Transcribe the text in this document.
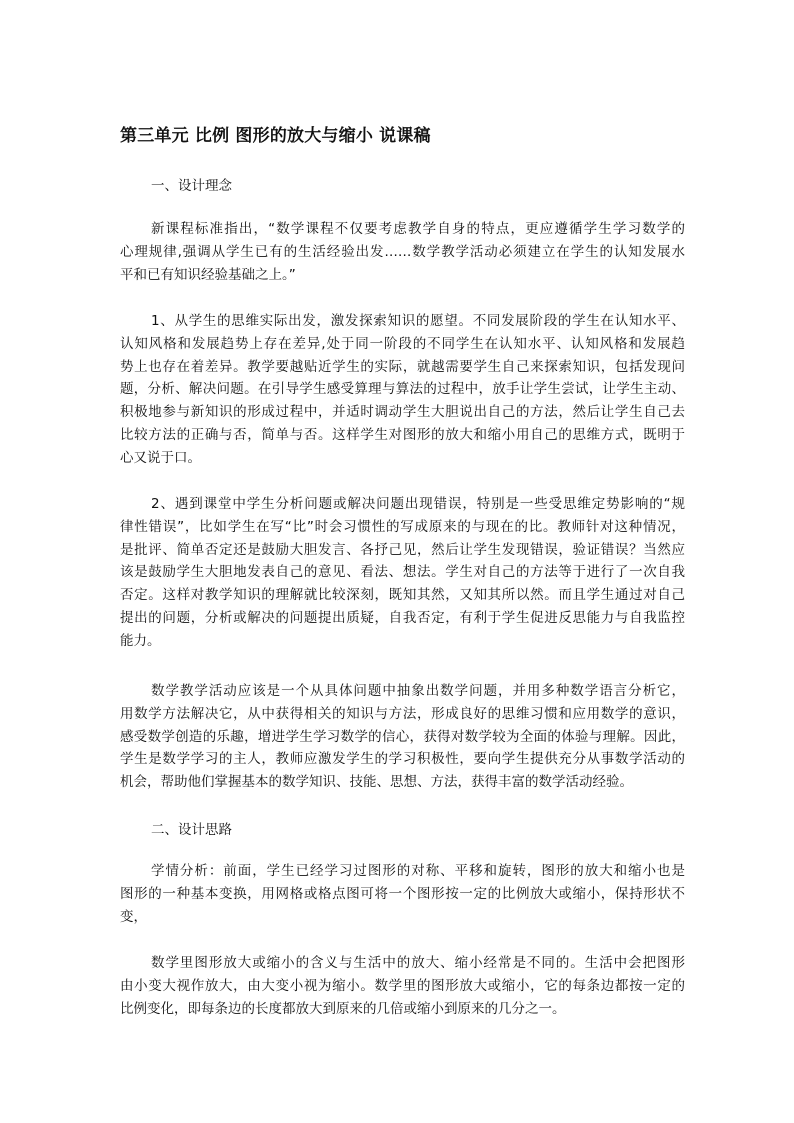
第三单元 比例 图形的放大与缩小 说课稿
一、设计理念
新课程标准指出，“数学课程不仅要考虑教学自身的特点，更应遵循学生学习数学的
心理规律,强调从学生已有的生活经验出发……数学教学活动必须建立在学生的认知发展水
平和已有知识经验基础之上。”
1、从学生的思维实际出发，激发探索知识的愿望。不同发展阶段的学生在认知水平、
认知风格和发展趋势上存在差异,处于同一阶段的不同学生在认知水平、认知风格和发展趋
势上也存在着差异。教学要越贴近学生的实际，就越需要学生自己来探索知识，包括发现问
题，分析、解决问题。在引导学生感受算理与算法的过程中，放手让学生尝试，让学生主动、
积极地参与新知识的形成过程中，并适时调动学生大胆说出自己的方法，然后让学生自己去
比较方法的正确与否，简单与否。这样学生对图形的放大和缩小用自己的思维方式，既明于
心又说于口。
2、遇到课堂中学生分析问题或解决问题出现错误，特别是一些受思维定势影响的“规
律性错误”，比如学生在写“比”时会习惯性的写成原来的与现在的比。教师针对这种情况，
是批评、简单否定还是鼓励大胆发言、各抒己见，然后让学生发现错误，验证错误？当然应
该是鼓励学生大胆地发表自己的意见、看法、想法。学生对自己的方法等于进行了一次自我
否定。这样对教学知识的理解就比较深刻，既知其然，又知其所以然。而且学生通过对自己
提出的问题，分析或解决的问题提出质疑，自我否定，有利于学生促进反思能力与自我监控
能力。
数学教学活动应该是一个从具体问题中抽象出数学问题，并用多种数学语言分析它，
用数学方法解决它，从中获得相关的知识与方法，形成良好的思维习惯和应用数学的意识，
感受数学创造的乐趣，增进学生学习数学的信心，获得对数学较为全面的体验与理解。因此，
学生是数学学习的主人，教师应激发学生的学习积极性，要向学生提供充分从事数学活动的
机会，帮助他们掌握基本的数学知识、技能、思想、方法，获得丰富的数学活动经验。
二、设计思路
学情分析：前面，学生已经学习过图形的对称、平移和旋转，图形的放大和缩小也是
图形的一种基本变换，用网格或格点图可将一个图形按一定的比例放大或缩小，保持形状不
变，
数学里图形放大或缩小的含义与生活中的放大、缩小经常是不同的。生活中会把图形
由小变大视作放大，由大变小视为缩小。数学里的图形放大或缩小，它的每条边都按一定的
比例变化，即每条边的长度都放大到原来的几倍或缩小到原来的几分之一。
